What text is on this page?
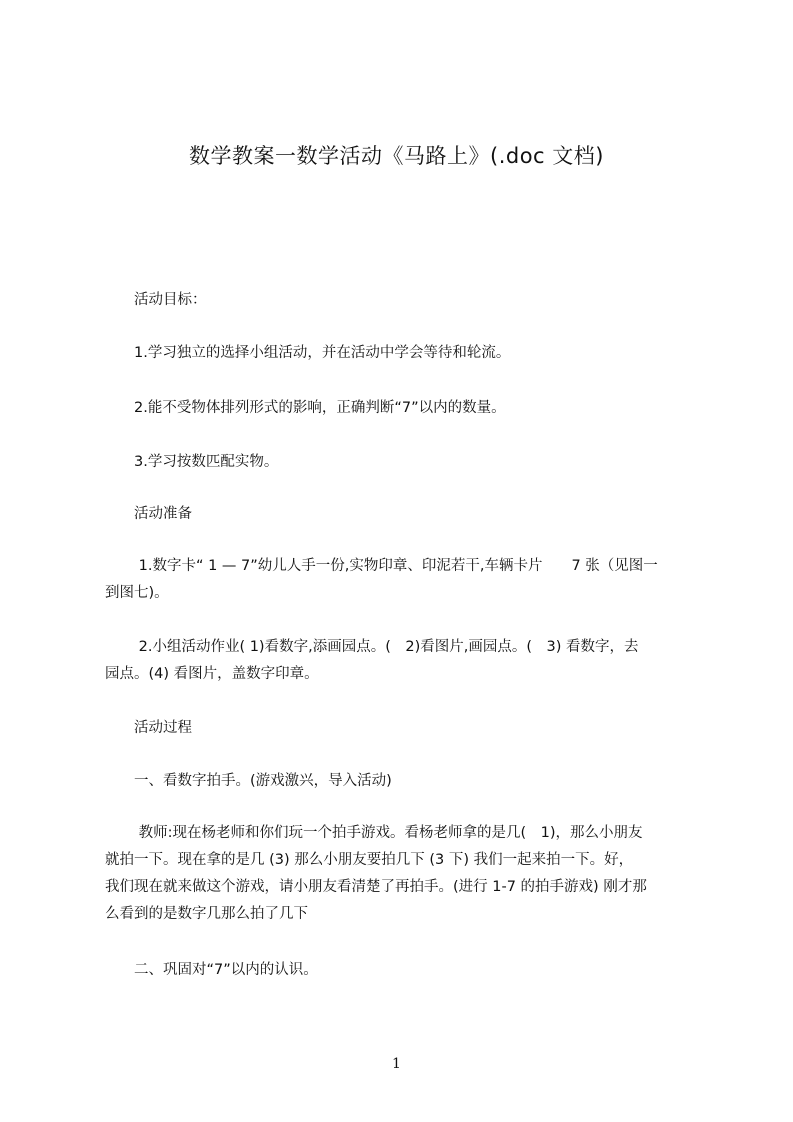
数学教案一数学活动《马路上》(.doc 文档)
　　活动目标：
　　1.学习独立的选择小组活动，并在活动中学会等待和轮流。
　　2.能不受物体排列形式的影响，正确判断“7”以内的数量。
　　3.学习按数匹配实物。
　　活动准备
　　 1.数字卡“ 1 — 7”幼儿人手一份,实物印章、印泥若干,车辆卡片　　7 张（见图一
到图七)。
　　 2.小组活动作业( 1)看数字,添画园点。(　2)看图片,画园点。(　3) 看数字，去
园点。(4) 看图片，盖数字印章。
　　活动过程
　　一、看数字拍手。(游戏激兴，导入活动)
　　 教师:现在杨老师和你们玩一个拍手游戏。看杨老师拿的是几(　1)，那么小朋友
就拍一下。现在拿的是几 (3) 那么小朋友要拍几下 (3 下) 我们一起来拍一下。好，
我们现在就来做这个游戏，请小朋友看清楚了再拍手。(进行 1-7 的拍手游戏) 刚才那
么看到的是数字几那么拍了几下
　　二、巩固对“7”以内的认识。
1
